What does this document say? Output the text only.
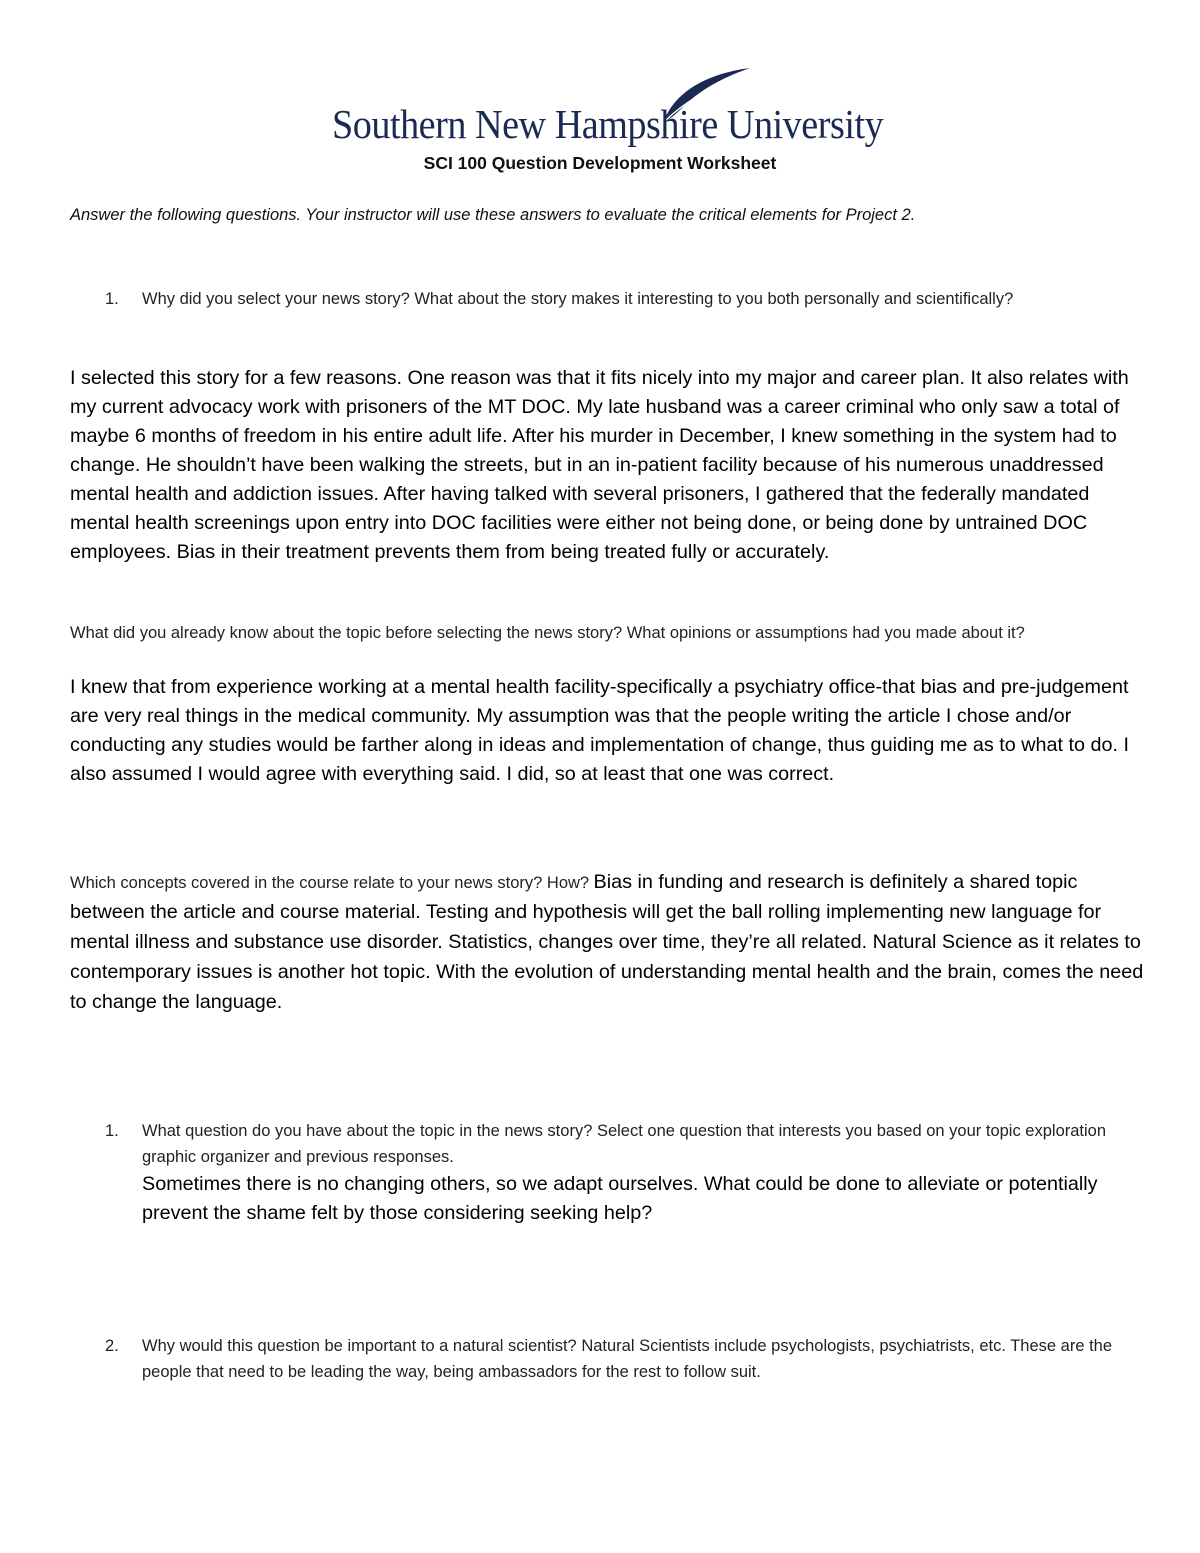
Southern New Hampshire University
SCI 100 Question Development Worksheet
Answer the following questions. Your instructor will use these answers to evaluate the critical elements for Project 2.
1. Why did you select your news story? What about the story makes it interesting to you both personally and scientifically?
I selected this story for a few reasons. One reason was that it fits nicely into my major and career plan. It also relates with my current advocacy work with prisoners of the MT DOC. My late husband was a career criminal who only saw a total of maybe 6 months of freedom in his entire adult life. After his murder in December, I knew something in the system had to change. He shouldn’t have been walking the streets, but in an in-patient facility because of his numerous unaddressed mental health and addiction issues. After having talked with several prisoners, I gathered that the federally mandated mental health screenings upon entry into DOC facilities were either not being done, or being done by untrained DOC employees. Bias in their treatment prevents them from being treated fully or accurately.
What did you already know about the topic before selecting the news story? What opinions or assumptions had you made about it?
I knew that from experience working at a mental health facility-specifically a psychiatry office-that bias and pre-judgement are very real things in the medical community. My assumption was that the people writing the article I chose and/or conducting any studies would be farther along in ideas and implementation of change, thus guiding me as to what to do. I also assumed I would agree with everything said. I did, so at least that one was correct.
Which concepts covered in the course relate to your news story? How? Bias in funding and research is definitely a shared topic between the article and course material. Testing and hypothesis will get the ball rolling implementing new language for mental illness and substance use disorder. Statistics, changes over time, they’re all related. Natural Science as it relates to contemporary issues is another hot topic. With the evolution of understanding mental health and the brain, comes the need to change the language.
1. What question do you have about the topic in the news story? Select one question that interests you based on your topic exploration graphic organizer and previous responses.
Sometimes there is no changing others, so we adapt ourselves. What could be done to alleviate or potentially prevent the shame felt by those considering seeking help?
2. Why would this question be important to a natural scientist? Natural Scientists include psychologists, psychiatrists, etc. These are the people that need to be leading the way, being ambassadors for the rest to follow suit.
